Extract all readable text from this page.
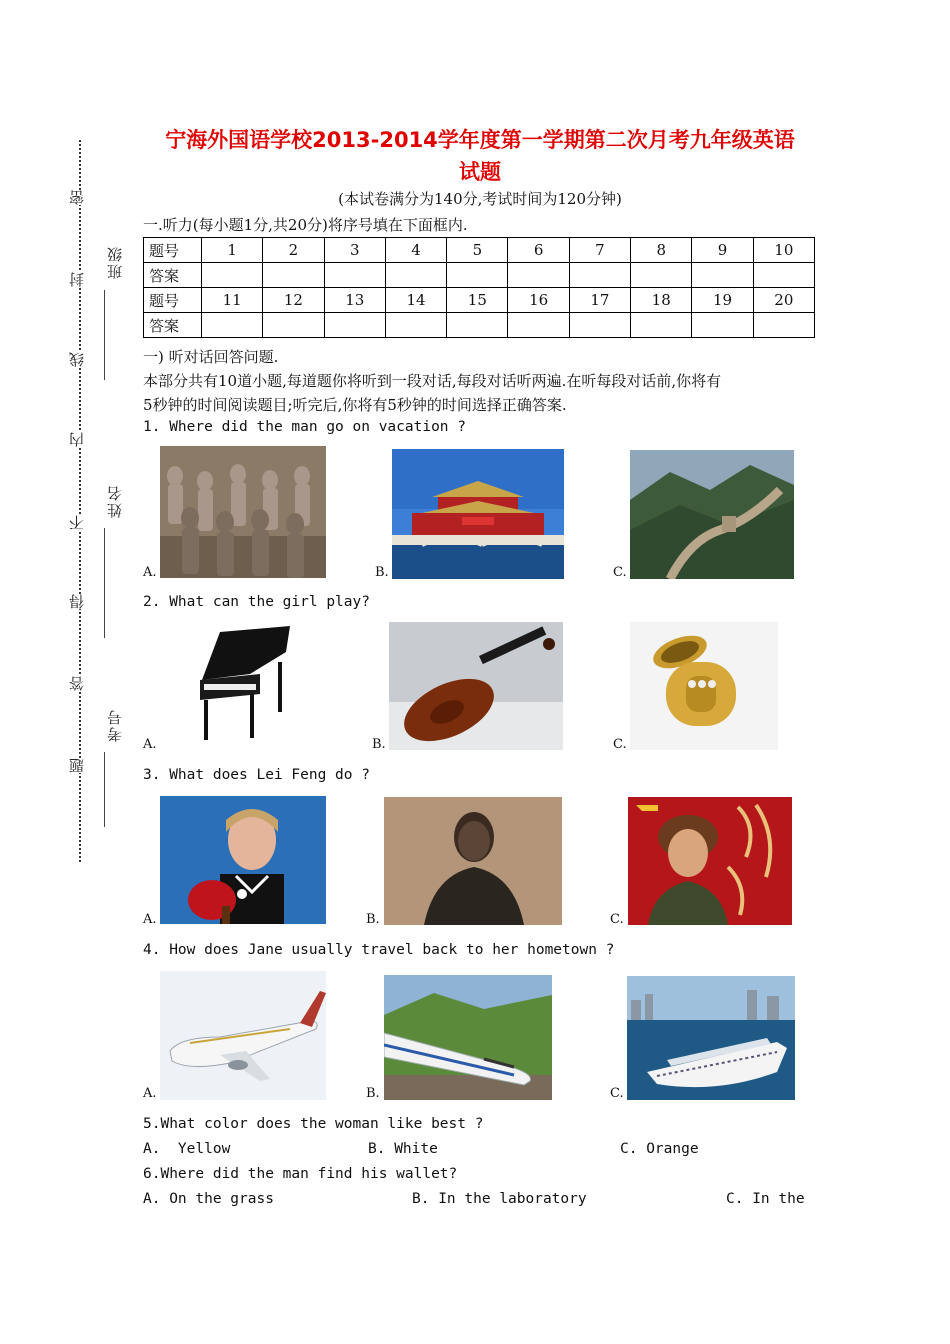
密
封
线
内
不
得
答
题
班级
姓名
考号
宁海外国语学校2013-2014学年度第一学期第二次月考九年级英语
试题
(本试卷满分为140分,考试时间为120分钟)
一.听力(每小题1分,共20分)将序号填在下面框内.
题号	1	2	3	4	5	6	7	8	9	10
答案										
题号	11	12	13	14	15	16	17	18	19	20
答案										
一) 听对话回答问题.
本部分共有10道小题,每道题你将听到一段对话,每段对话听两遍.在听每段对话前,你将有
5秒钟的时间阅读题目;听完后,你将有5秒钟的时间选择正确答案.
1. Where did the man go on vacation ?
A.	B.	C.
2. What can the girl play?
A.	B.	C.
3. What does Lei Feng do ?
A.	B.	C.
4. How does Jane usually travel back to her hometown ?
A.	B.	C.
5.What color does the woman like best ?
A.  Yellow	B. White	C. Orange
6.Where did the man find his wallet?
A. On the grass	B. In the laboratory	C. In the
